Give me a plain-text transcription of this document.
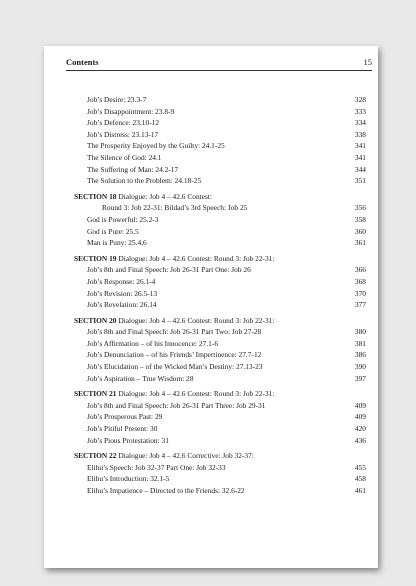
Contents	15
Job’s Desire: 23.3-7	328
Job’s Disappointment: 23.8-9	333
Job’s Defence: 23.10-12	334
Job’s Distress: 23.13-17	338
The Prosperity Enjoyed by the Guilty: 24.1-25	341
The Silence of God: 24.1	341
The Suffering of Man: 24.2-17	344
The Solution to the Problem: 24.18-25	351
SECTION 18 Dialogue: Job 4 – 42.6 Contest:
Round 3: Job 22-31: Bildad’s 3rd Speech: Job 25	356
God is Powerful: 25.2-3	358
God is Pure: 25.5	360
Man is Puny: 25.4,6	361
SECTION 19 Dialogue: Job 4 – 42.6 Contest: Round 3: Job 22-31:
Job’s 8th and Final Speech: Job 26-31 Part One: Job 26	366
Job’s Response: 26.1-4	368
Job’s Revision: 26.5-13	370
Job’s Revelation: 26.14	377
SECTION 20 Dialogue: Job 4 – 42.6 Contest: Round 3: Job 22-31:
Job’s 8th and Final Speech: Job 26-31 Part Two: Job 27-28	380
Job’s Affirmation – of his Innocence: 27.1-6	381
Job’s Denunciation – of his Friends’ Impertinence: 27.7-12	386
Job’s Elucidation – of the Wicked Man’s Destiny: 27.13-23	390
Job’s Aspiration – True Wisdom: 28	397
SECTION 21 Dialogue: Job 4 – 42.6 Contest: Round 3: Job 22-31:
Job’s 8th and Final Speech: Job 26-31 Part Three: Job 29-31	409
Job’s Prosperous Past: 29	409
Job’s Pitiful Present: 30	420
Job’s Pious Protestation: 31	436
SECTION 22 Dialogue: Job 4 – 42.6 Corrective: Job 32-37:
Elihu’s Speech: Job 32-37 Part One: Job 32-33	455
Elihu’s Introduction: 32.1-5	458
Elihu’s Impatience – Directed to the Friends: 32.6-22	461
